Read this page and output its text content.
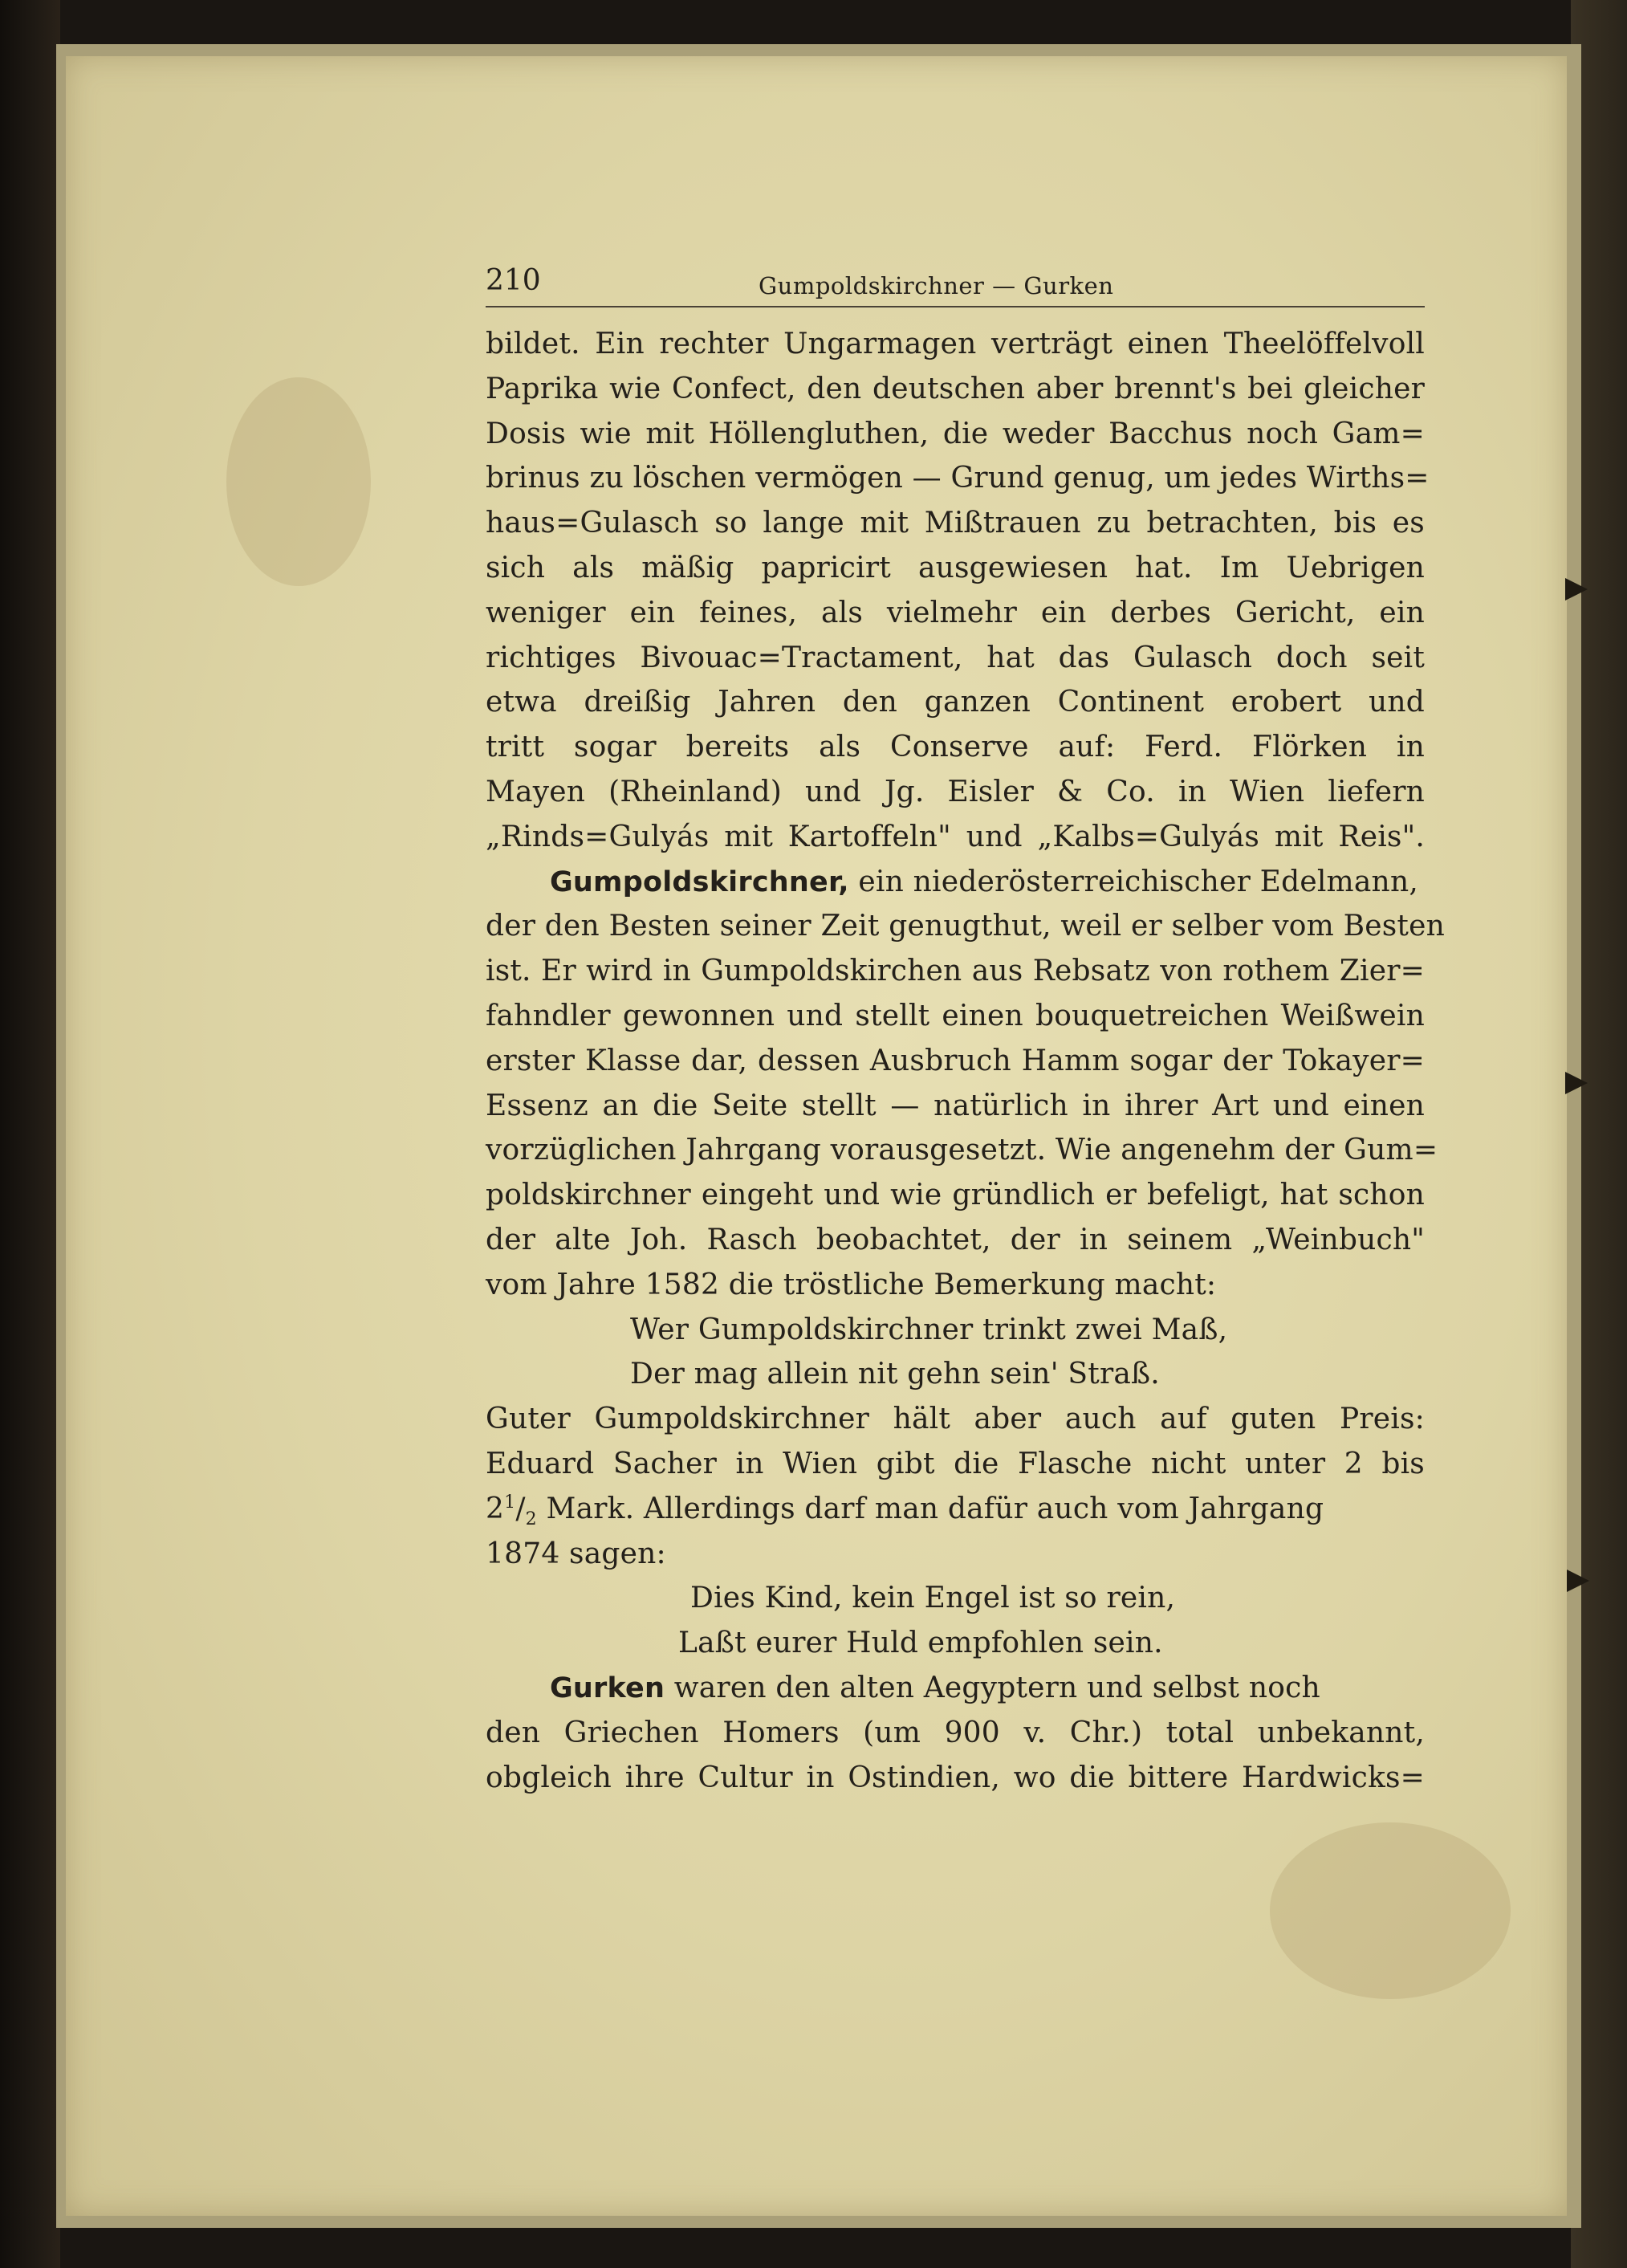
210	Gumpoldskirchner — Gurken
bildet. Ein rechter Ungarmagen verträgt einen Theelöffelvoll
Paprika wie Confect, den deutschen aber brennt's bei gleicher
Dosis wie mit Höllengluthen, die weder Bacchus noch Gam=
brinus zu löschen vermögen — Grund genug, um jedes Wirths=
haus=Gulasch so lange mit Mißtrauen zu betrachten, bis es
sich als mäßig papricirt ausgewiesen hat. Im Uebrigen
weniger ein feines, als vielmehr ein derbes Gericht, ein
richtiges Bivouac=Tractament, hat das Gulasch doch seit
etwa dreißig Jahren den ganzen Continent erobert und
tritt sogar bereits als Conserve auf: Ferd. Flörken in
Mayen (Rheinland) und Jg. Eisler & Co. in Wien liefern
„Rinds=Gulyás mit Kartoffeln" und „Kalbs=Gulyás mit Reis".
Gumpoldskirchner, ein niederösterreichischer Edelmann,
der den Besten seiner Zeit genugthut, weil er selber vom Besten
ist. Er wird in Gumpoldskirchen aus Rebsatz von rothem Zier=
fahndler gewonnen und stellt einen bouquetreichen Weißwein
erster Klasse dar, dessen Ausbruch Hamm sogar der Tokayer=
Essenz an die Seite stellt — natürlich in ihrer Art und einen
vorzüglichen Jahrgang vorausgesetzt. Wie angenehm der Gum=
poldskirchner eingeht und wie gründlich er befeligt, hat schon
der alte Joh. Rasch beobachtet, der in seinem „Weinbuch"
vom Jahre 1582 die tröstliche Bemerkung macht:
Wer Gumpoldskirchner trinkt zwei Maß,
Der mag allein nit gehn sein' Straß.
Guter Gumpoldskirchner hält aber auch auf guten Preis:
Eduard Sacher in Wien gibt die Flasche nicht unter 2 bis
$2^1/_2$ Mark. Allerdings darf man dafür auch vom Jahrgang
1874 sagen:
Dies Kind, kein Engel ist so rein,
Laßt eurer Huld empfohlen sein.
Gurken waren den alten Aegyptern und selbst noch
den Griechen Homers (um 900 v. Chr.) total unbekannt,
obgleich ihre Cultur in Ostindien, wo die bittere Hardwicks=
